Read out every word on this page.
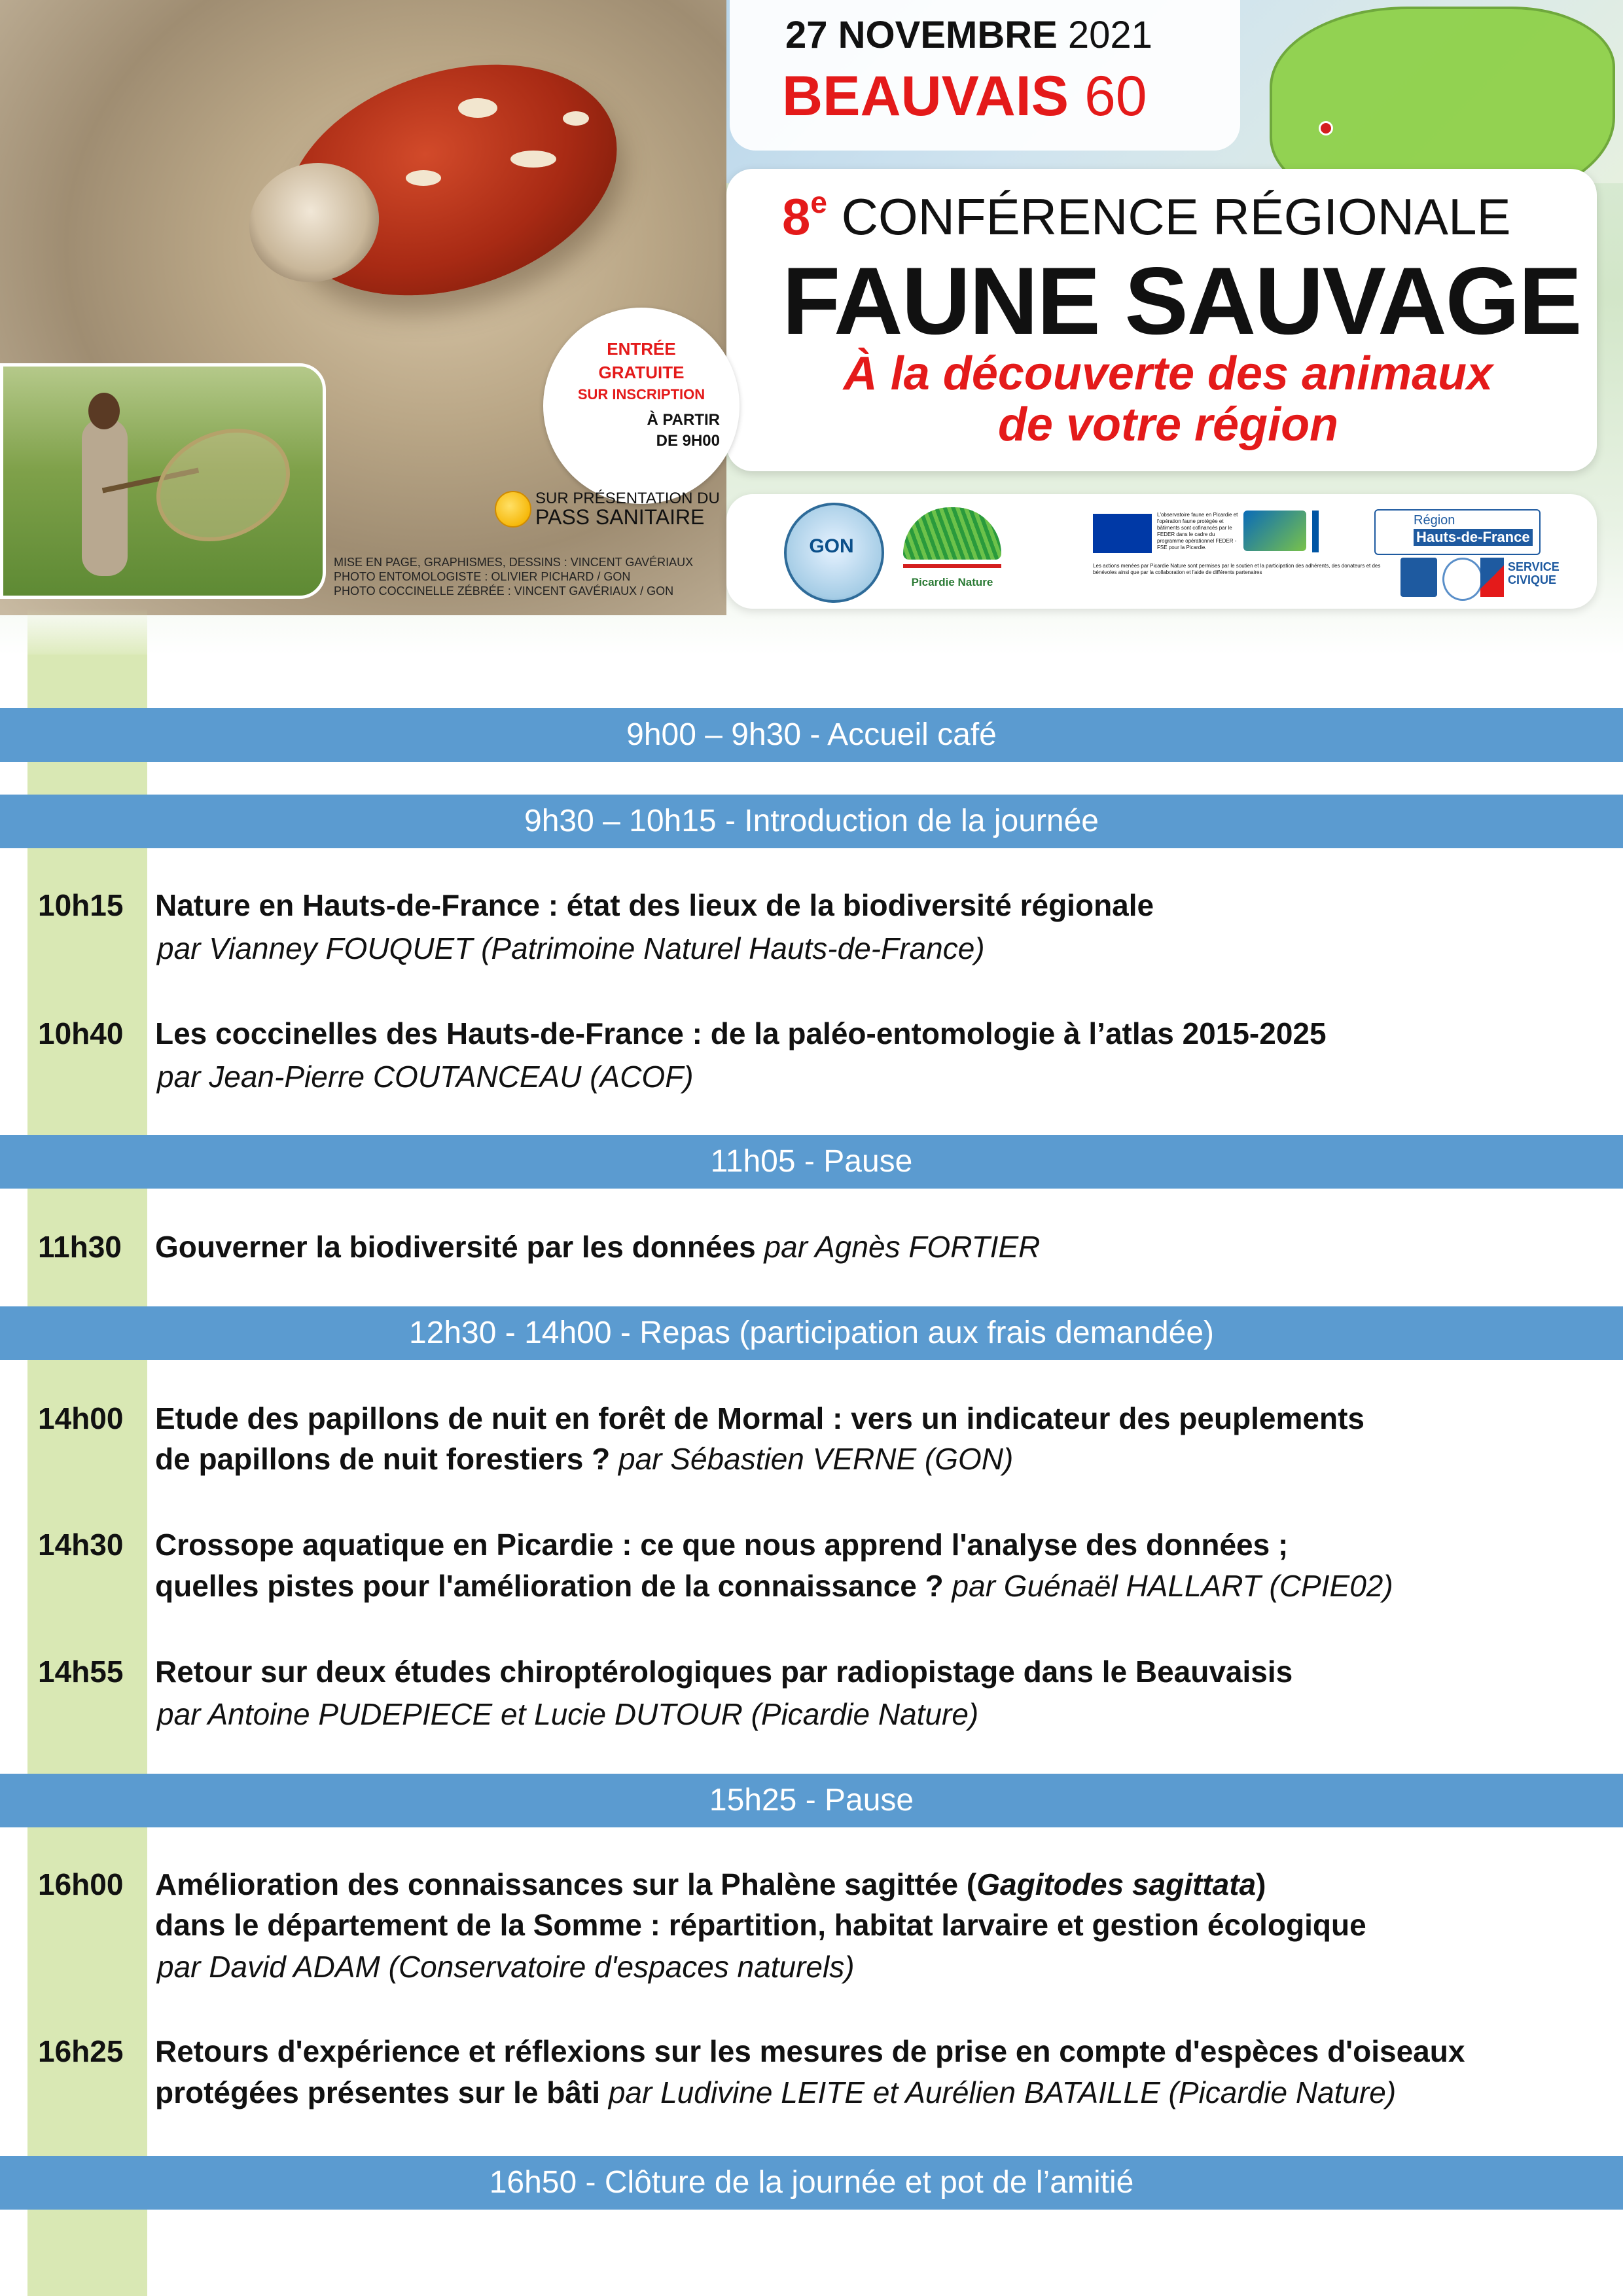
27 NOVEMBRE 2021
BEAUVAIS 60
8e CONFÉRENCE RÉGIONALE
FAUNE SAUVAGE
À la découverte des animaux
de votre région
ENTRÉE
GRATUITE
SUR INSCRIPTION
À PARTIR
DE 9H00
SUR PRÉSENTATION DU
PASS SANITAIRE
MISE EN PAGE, GRAPHISMES, DESSINS : VINCENT GAVÉRIAUX
PHOTO ENTOMOLOGISTE : OLIVIER PICHARD / GON
PHOTO COCCINELLE ZÉBRÉE : VINCENT GAVÉRIAUX / GON
GON
Picardie Nature
L'observatoire faune en Picardie et l'opération faune protégée et bâtiments sont cofinancés par le FEDER dans le cadre du programme opérationnel FEDER - FSE pour la Picardie.
Région
Hauts-de-France
Les actions menées par Picardie Nature sont permises par le soutien et la participation des adhérents, des donateurs et des bénévoles ainsi que par la collaboration et l'aide de différents partenaires	SERVICE
CIVIQUE
9h00 – 9h30 - Accueil café
9h30 – 10h15 - Introduction de la journée
10h15 Nature en Hauts-de-France : état des lieux de la biodiversité régionale
par Vianney FOUQUET (Patrimoine Naturel Hauts-de-France)
10h40 Les coccinelles des Hauts-de-France : de la paléo-entomologie à l’atlas 2015-2025
par Jean-Pierre COUTANCEAU (ACOF)
11h05 - Pause
11h30 Gouverner la biodiversité par les données par Agnès FORTIER
12h30 - 14h00 - Repas (participation aux frais demandée)
14h00 Etude des papillons de nuit en forêt de Mormal : vers un indicateur des peuplements
de papillons de nuit forestiers ? par Sébastien VERNE (GON)
14h30 Crossope aquatique en Picardie : ce que nous apprend l'analyse des données ;
quelles pistes pour l'amélioration de la connaissance ? par Guénaël HALLART (CPIE02)
14h55 Retour sur deux études chiroptérologiques par radiopistage dans le Beauvaisis
par Antoine PUDEPIECE et Lucie DUTOUR (Picardie Nature)
15h25 - Pause
16h00 Amélioration des connaissances sur la Phalène sagittée (Gagitodes sagittata)
dans le département de la Somme : répartition, habitat larvaire et gestion écologique
par David ADAM (Conservatoire d'espaces naturels)
16h25 Retours d'expérience et réflexions sur les mesures de prise en compte d'espèces d'oiseaux
protégées présentes sur le bâti par Ludivine LEITE et Aurélien BATAILLE (Picardie Nature)
16h50 - Clôture de la journée et pot de l’amitié
